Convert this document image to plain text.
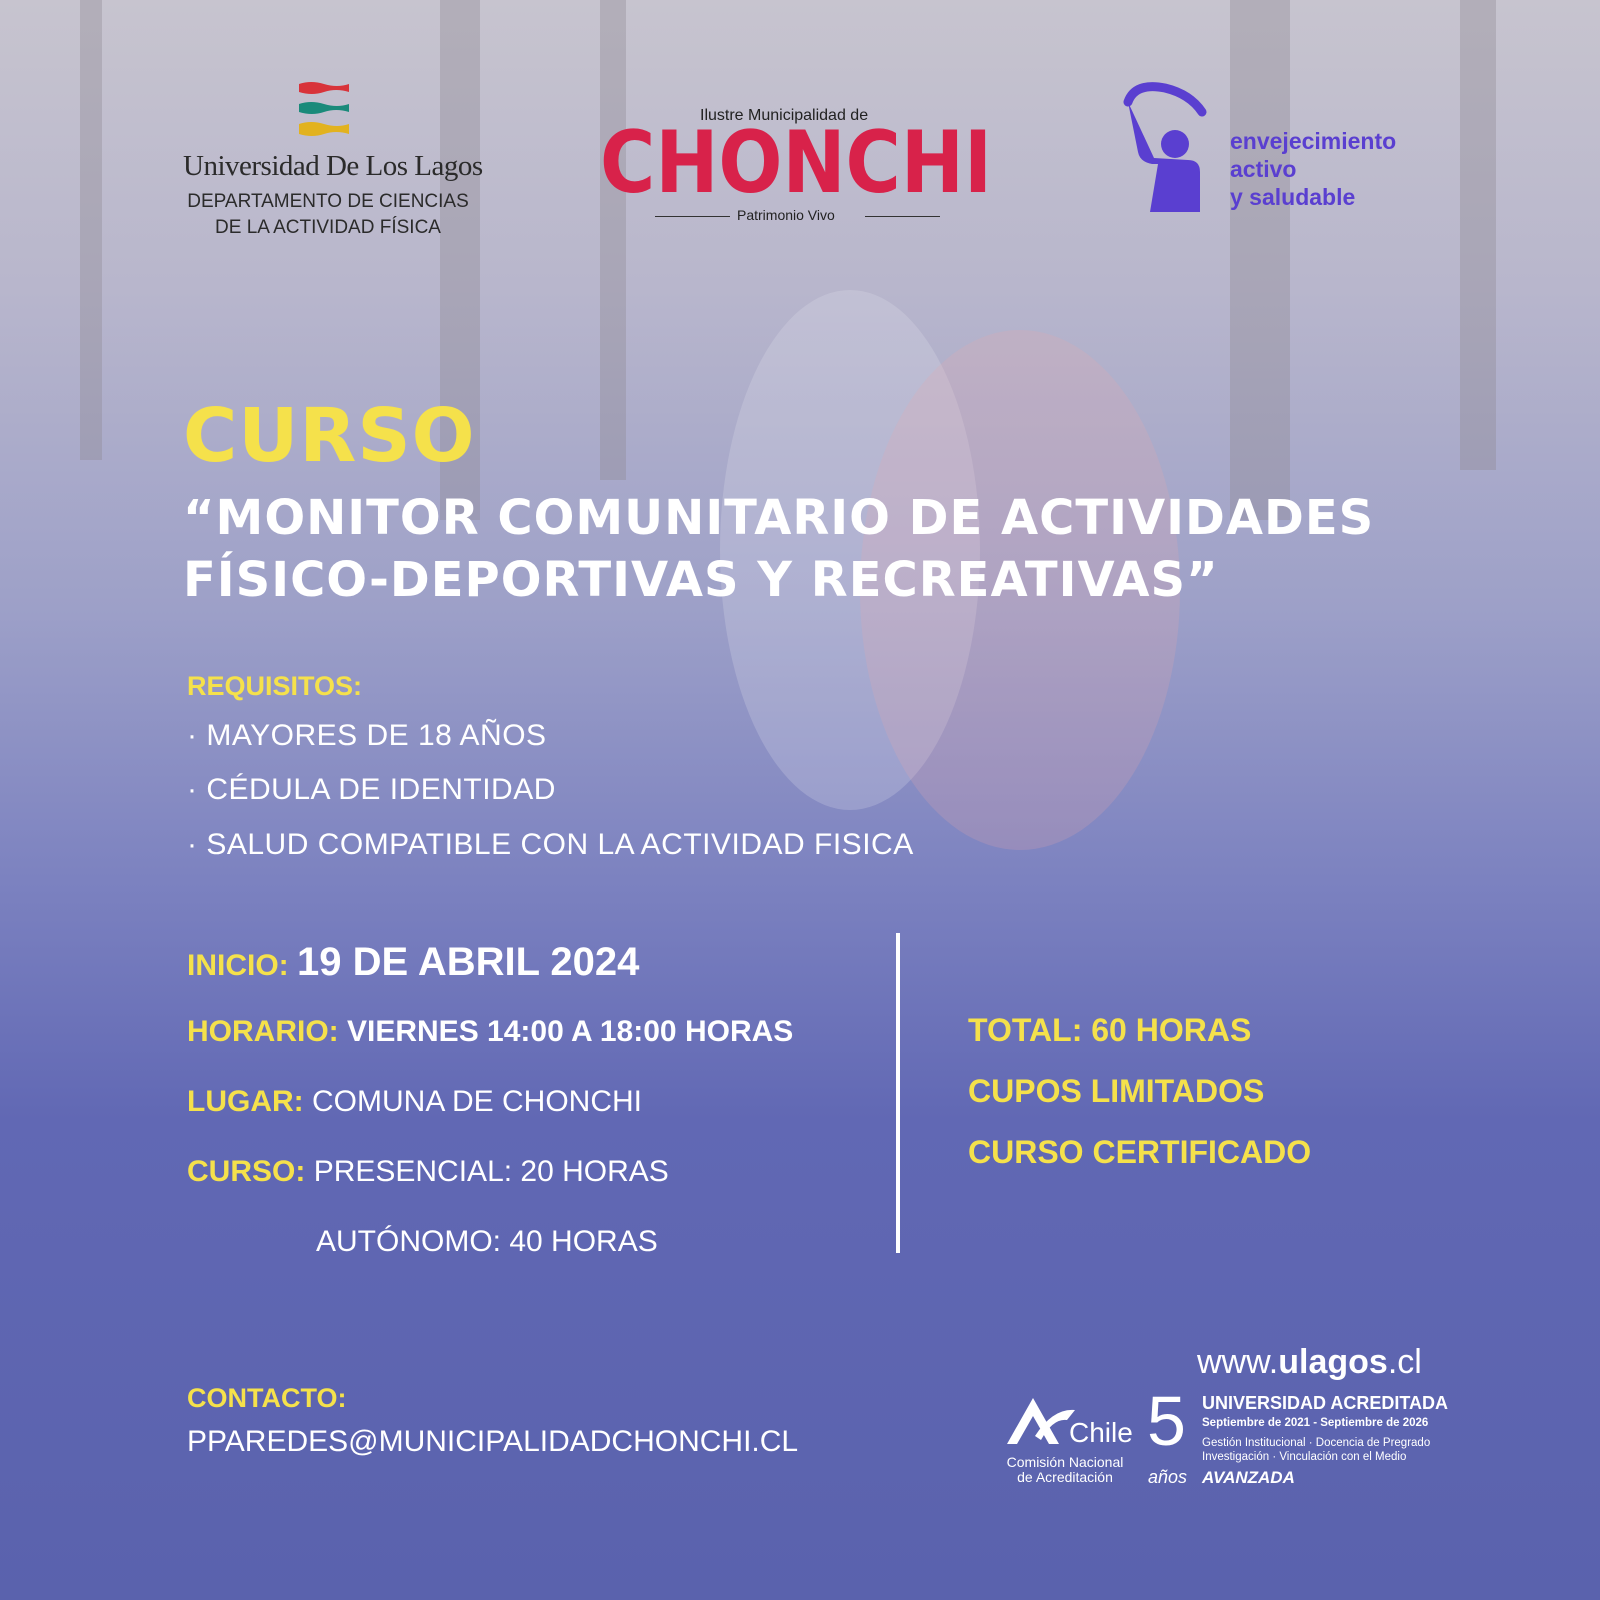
Universidad De Los Lagos
DEPARTAMENTO DE CIENCIAS
DE LA ACTIVIDAD FÍSICA
Ilustre Municipalidad de
CHONCHI
Patrimonio Vivo
envejecimiento
activo
y saludable
CURSO
“MONITOR COMUNITARIO DE ACTIVIDADES
FÍSICO-DEPORTIVAS Y RECREATIVAS”
REQUISITOS:
· MAYORES DE 18 AÑOS
· CÉDULA DE IDENTIDAD
· SALUD COMPATIBLE CON LA ACTIVIDAD FISICA
INICIO: 19 DE ABRIL 2024
HORARIO: VIERNES 14:00 A 18:00 HORAS
LUGAR: COMUNA DE CHONCHI
CURSO: PRESENCIAL: 20 HORAS
AUTÓNOMO: 40 HORAS
TOTAL: 60 HORAS
CUPOS LIMITADOS
CURSO CERTIFICADO
CONTACTO:
PPAREDES@MUNICIPALIDADCHONCHI.CL
www.ulagos.cl
Chile
Comisión Nacional
de Acreditación
5
años
UNIVERSIDAD ACREDITADA
Septiembre de 2021 - Septiembre de 2026
Gestión Institucional · Docencia de Pregrado
Investigación · Vinculación con el Medio
AVANZADA
